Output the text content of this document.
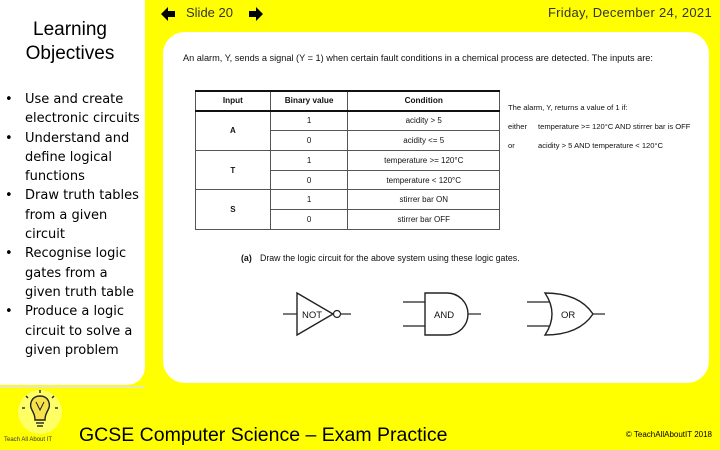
Learning
Objectives
• Use and create electronic circuits
• Understand and define logical functions
• Draw truth tables from a given circuit
• Recognise logic gates from a given truth table
• Produce a logic circuit to solve a given problem
Slide 20	Friday, December 24, 2021
An alarm, Y, sends a signal (Y = 1) when certain fault conditions in a chemical process are detected. The inputs are:
Input	Binary value	Condition
A	1	acidity > 5
	0	acidity <= 5
T	1	temperature >= 120°C
	0	temperature < 120°C
S	1	stirrer bar ON
	0	stirrer bar OFF
The alarm, Y, returns a value of 1 if:
either temperature >= 120°C AND stirrer bar is OFF
or	acidity > 5 AND temperature < 120°C
(a) Draw the logic circuit for the above system using these logic gates.
NOT	AND	OR
Teach All About IT GCSE Computer Science – Exam Practice	© TeachAllAboutIT 2018
